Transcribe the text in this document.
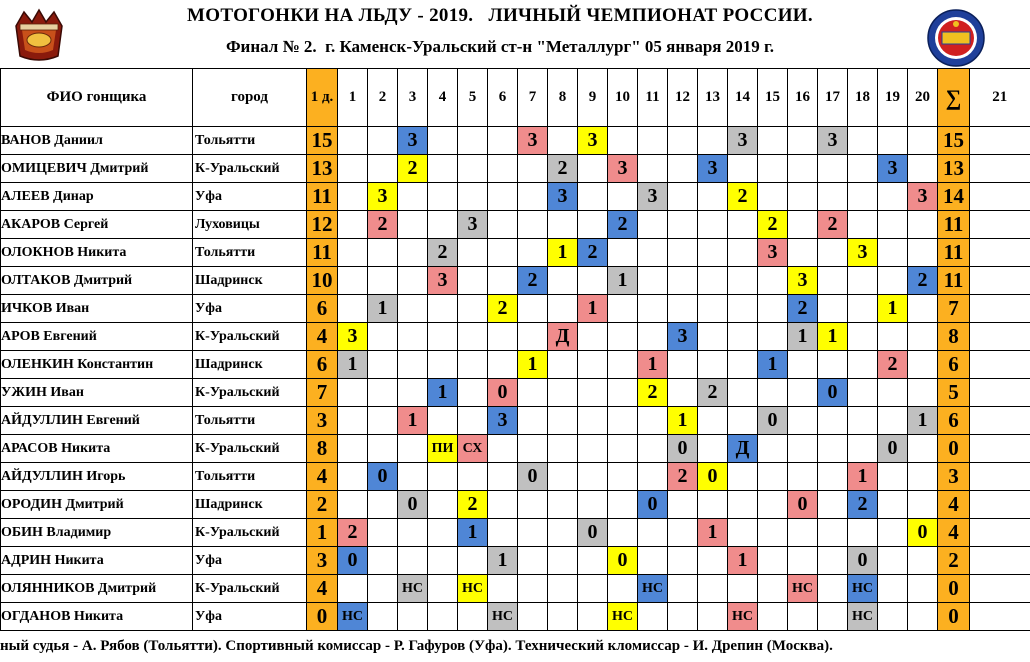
МОТОГОНКИ НА ЛЬДУ - 2019.   ЛИЧНЫЙ ЧЕМПИОНАТ РОССИИ.
Финал № 2.  г. Каменск-Уральский ст-н "Металлург" 05 января 2019 г.
ФИО гонщика	город	1 д.	1	2	3	4	5	6	7	8	9	10	11	12	13	14	15	16	17	18	19	20	∑	21
ВАНОВ Даниил	Тольятти	15			3				3		3					3			3				15	
ОМИЦЕВИЧ Дмитрий	К-Уральский	13			2					2		3			3						3		13	
АЛЕЕВ Динар	Уфа	11		3						3			3			2						3	14	
АКАРОВ Сергей	Луховицы	12		2			3					2					2		2				11	
ОЛОКНОВ Никита	Тольятти	11				2				1	2						3			3			11	
ОЛТАКОВ Дмитрий	Шадринск	10				3			2			1						3				2	11	
ИЧКОВ Иван	Уфа	6		1				2			1							2			1		7	
АРОВ Евгений	К-Уральский	4	3							Д				3				1	1				8	
ОЛЕНКИН Константин	Шадринск	6	1						1				1				1				2		6	
УЖИН Иван	К-Уральский	7				1		0					2		2				0				5	
АЙДУЛЛИН Евгений	Тольятти	3			1			3						1			0					1	6	
АРАСОВ Никита	К-Уральский	8				ПИ	СХ							0		Д					0		0	
АЙДУЛЛИН Игорь	Тольятти	4		0					0					2	0					1			3	
ОРОДИН Дмитрий	Шадринск	2			0		2						0					0		2			4	
ОБИН Владимир	К-Уральский	1	2				1				0				1							0	4	
АДРИН Никита	Уфа	3	0					1				0				1				0			2	
ОЛЯННИКОВ Дмитрий	К-Уральский	4			НС		НС						НС					НС		НС			0	
ОГДАНОВ Никита	Уфа	0	НС					НС				НС				НС				НС			0	
ный судья - А. Рябов (Тольятти). Спортивный комиссар - Р. Гафуров (Уфа). Технический кломиссар - И. Дрепин (Москва).
